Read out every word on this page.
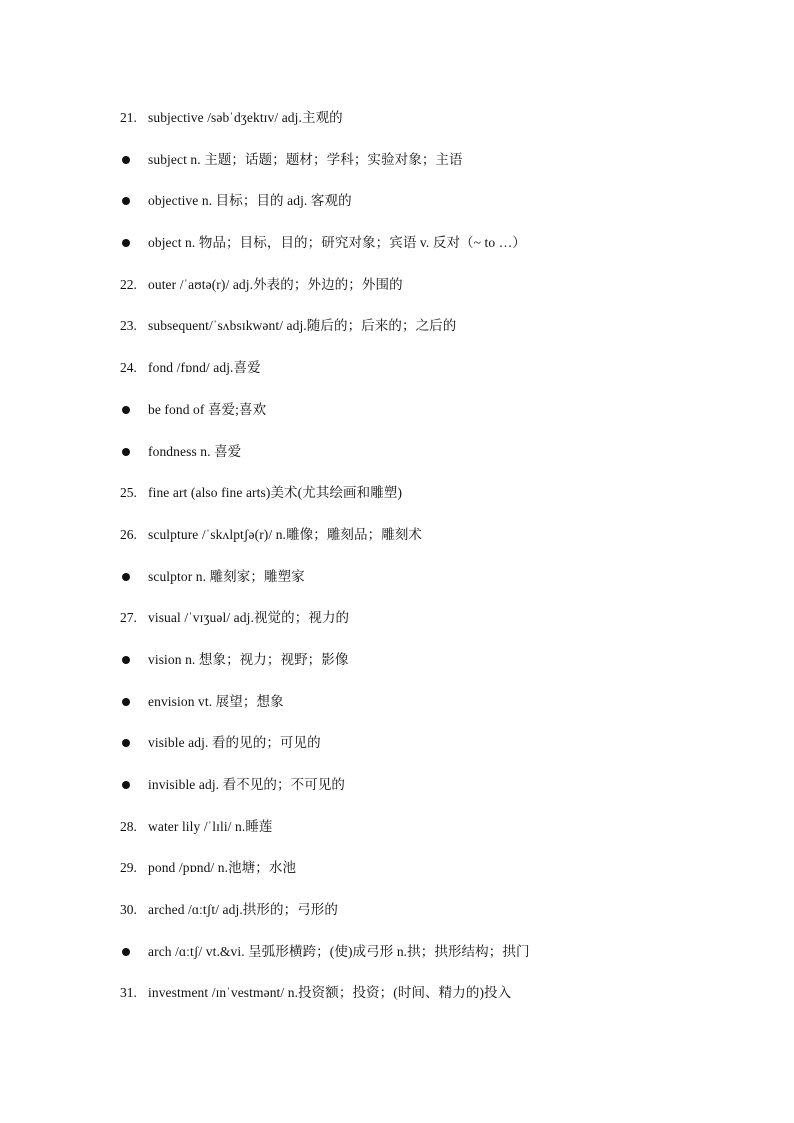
21. subjective /səbˈdʒektɪv/ adj.主观的
subject n. 主题；话题；题材；学科；实验对象；主语
objective n. 目标；目的 adj. 客观的
object n. 物品；目标，目的；研究对象；宾语 v. 反对（~ to …）
22. outer /ˈaʊtə(r)/ adj.外表的；外边的；外围的
23. subsequent/ˈsʌbsɪkwənt/ adj.随后的；后来的；之后的
24. fond /fɒnd/ adj.喜爱
be fond of 喜爱;喜欢
fondness n. 喜爱
25. fine art (also fine arts)美术(尤其绘画和雕塑)
26. sculpture /ˈskʌlptʃə(r)/ n.雕像；雕刻品；雕刻术
sculptor n. 雕刻家；雕塑家
27. visual /ˈvɪʒuəl/ adj.视觉的；视力的
vision n. 想象；视力；视野；影像
envision vt. 展望；想象
visible adj. 看的见的；可见的
invisible adj. 看不见的；不可见的
28. water lily /ˈlɪli/ n.睡莲
29. pond /pɒnd/ n.池塘；水池
30. arched /ɑːtʃt/ adj.拱形的；弓形的
arch /ɑːtʃ/ vt.&vi. 呈弧形横跨；(使)成弓形 n.拱；拱形结构；拱门
31. investment /ɪnˈvestmənt/ n.投资额；投资；(时间、精力的)投入
